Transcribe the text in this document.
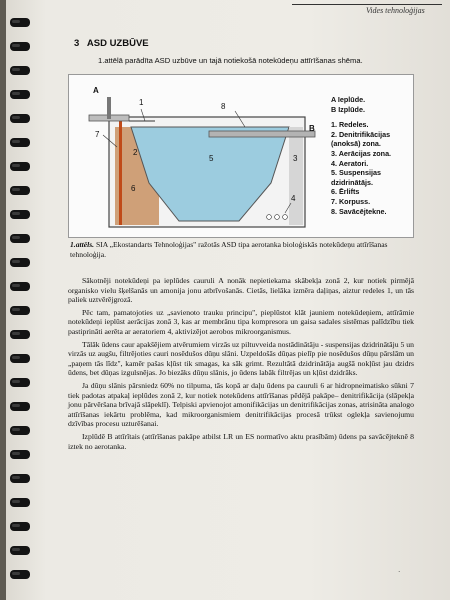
Vides tehnoloģijas
3 ASD UZBŪVE
1.attēlā parādīta ASD uzbūve un tajā notiekošā notekūdeņu attīrīšanas shēma.
A
1	8
B
7
2
5	3
6
4
A Ieplūde.
B Izplūde.
1. Redeles.
2. Denitrifikācijas (anoksā) zona.
3. Aerācijas zona.
4. Aeratori.
5. Suspensijas dzidrinātājs.
6. Ērlifts
7. Korpuss.
8. Savācējtekne.
1.attēls. SIA „Ekostandarts Tehnoloģijas" ražotās ASD tipa aerotanka bioloģiskās notekūdeņu attīrīšanas tehnoloģija.

Sākotnēji notekūdeņi pa ieplūdes cauruli A nonāk nepietiekama skābekļa zonā 2, kur notiek pirmējā organisko vielu šķelšanās un amonija jonu atbrīvošanās. Cietās, lielāka izmēra daļiņas, aiztur redeles 1, un tās paliek uztvērējgrozā.

Pēc tam, pamatojoties uz „savienoto trauku principu", pieplūstot klāt jauniem notekūdeņiem, attīrāmie notekūdeņi ieplūst aerācijas zonā 3, kas ar membrānu tipa kompresora un gaisa sadales sistēmas palīdzību tiek pastiprināti aerēta ar aeratoriem 4, aktivizējot aerobos mikroorganismus.

Tālāk ūdens caur apakšējiem atvērumiem virzās uz piltuvveida nostādinātāju - suspensijas dzidrinātāju 5 un virzās uz augšu, filtrējoties cauri nosēdušos dūņu slāni. Uzpeldošās dūņas pielīp pie nosēdušos dūņu pārslām un „paņem tās līdz", kamēr pašas kļūst tik smagas, ka sāk grimt. Rezultātā dzidrinātāja augšā nokļūst jau dzidrs ūdens, bet dūņas izgulsnējas. Jo biezāks dūņu slānis, jo ūdens labāk filtrējas un kļūst dzidrāks.

Ja dūņu slānis pārsniedz 60% no tilpuma, tās kopā ar daļu ūdens pa cauruli 6 ar hidropneimatisko sūkni 7 tiek padotas atpakaļ ieplūdes zonā 2, kur notiek notekūdens attīrīšanas pēdējā pakāpe– denitrifikācija (slāpekļa jonu pārvēršana brīvajā slāpeklī). Telpiski apvienojot amonifikācijas un denitrifikācijas zonas, atrisināta analogo attīrīšanas iekārtu problēma, kad mikroorganismiem denitrifikācijas procesā trūkst oglekļa savienojumu dzīvības procesu uzturēšanai.

Izplūdē B attīrītais (attīrīšanas pakāpe atbilst LR un ES normatīvo aktu prasībām) ūdens pa savācējteknē 8 iztek no aerotanka.

·
